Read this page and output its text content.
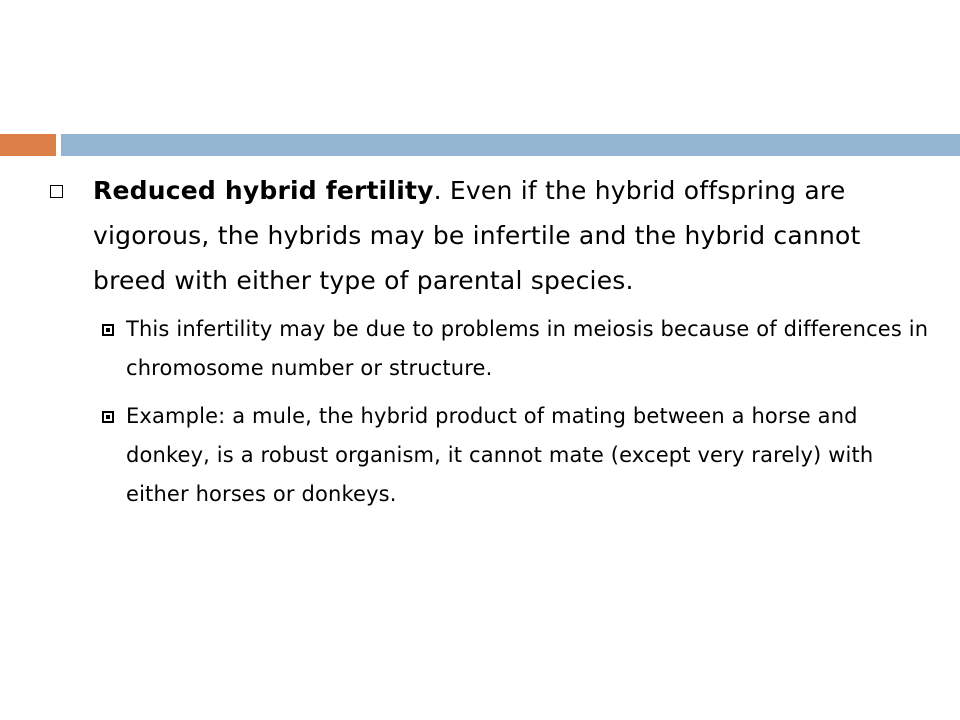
Reduced hybrid fertility. Even if the hybrid offspring are vigorous, the hybrids may be infertile and the hybrid cannot breed with either type of parental species.
This infertility may be due to problems in meiosis because of differences in chromosome number or structure.
Example: a mule, the hybrid product of mating between a horse and donkey, is a robust organism, it cannot mate (except very rarely) with either horses or donkeys.
